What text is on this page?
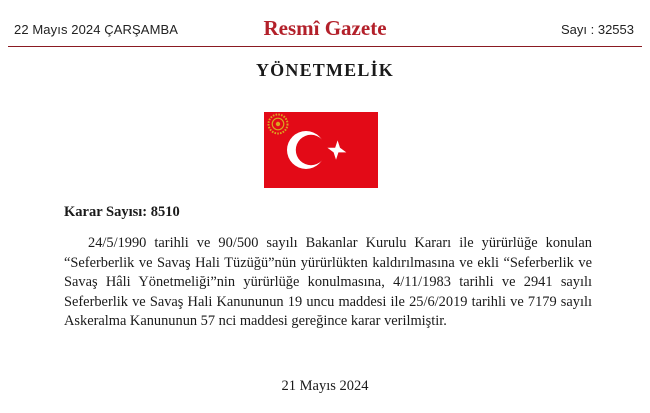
22 Mayıs 2024 ÇARŞAMBA	Resmî Gazete	Sayı : 32553
YÖNETMELİK
Karar Sayısı: 8510
24/5/1990 tarihli ve 90/500 sayılı Bakanlar Kurulu Kararı ile yürürlüğe konulan
“Seferberlik ve Savaş Hali Tüzüğü”nün yürürlükten kaldırılmasına ve ekli “Seferberlik ve
Savaş Hâli Yönetmeliği”nin yürürlüğe konulmasına, 4/11/1983 tarihli ve 2941 sayılı
Seferberlik ve Savaş Hali Kanununun 19 uncu maddesi ile 25/6/2019 tarihli ve 7179 sayılı
Askeralma Kanununun 57 nci maddesi gereğince karar verilmiştir.
21 Mayıs 2024
